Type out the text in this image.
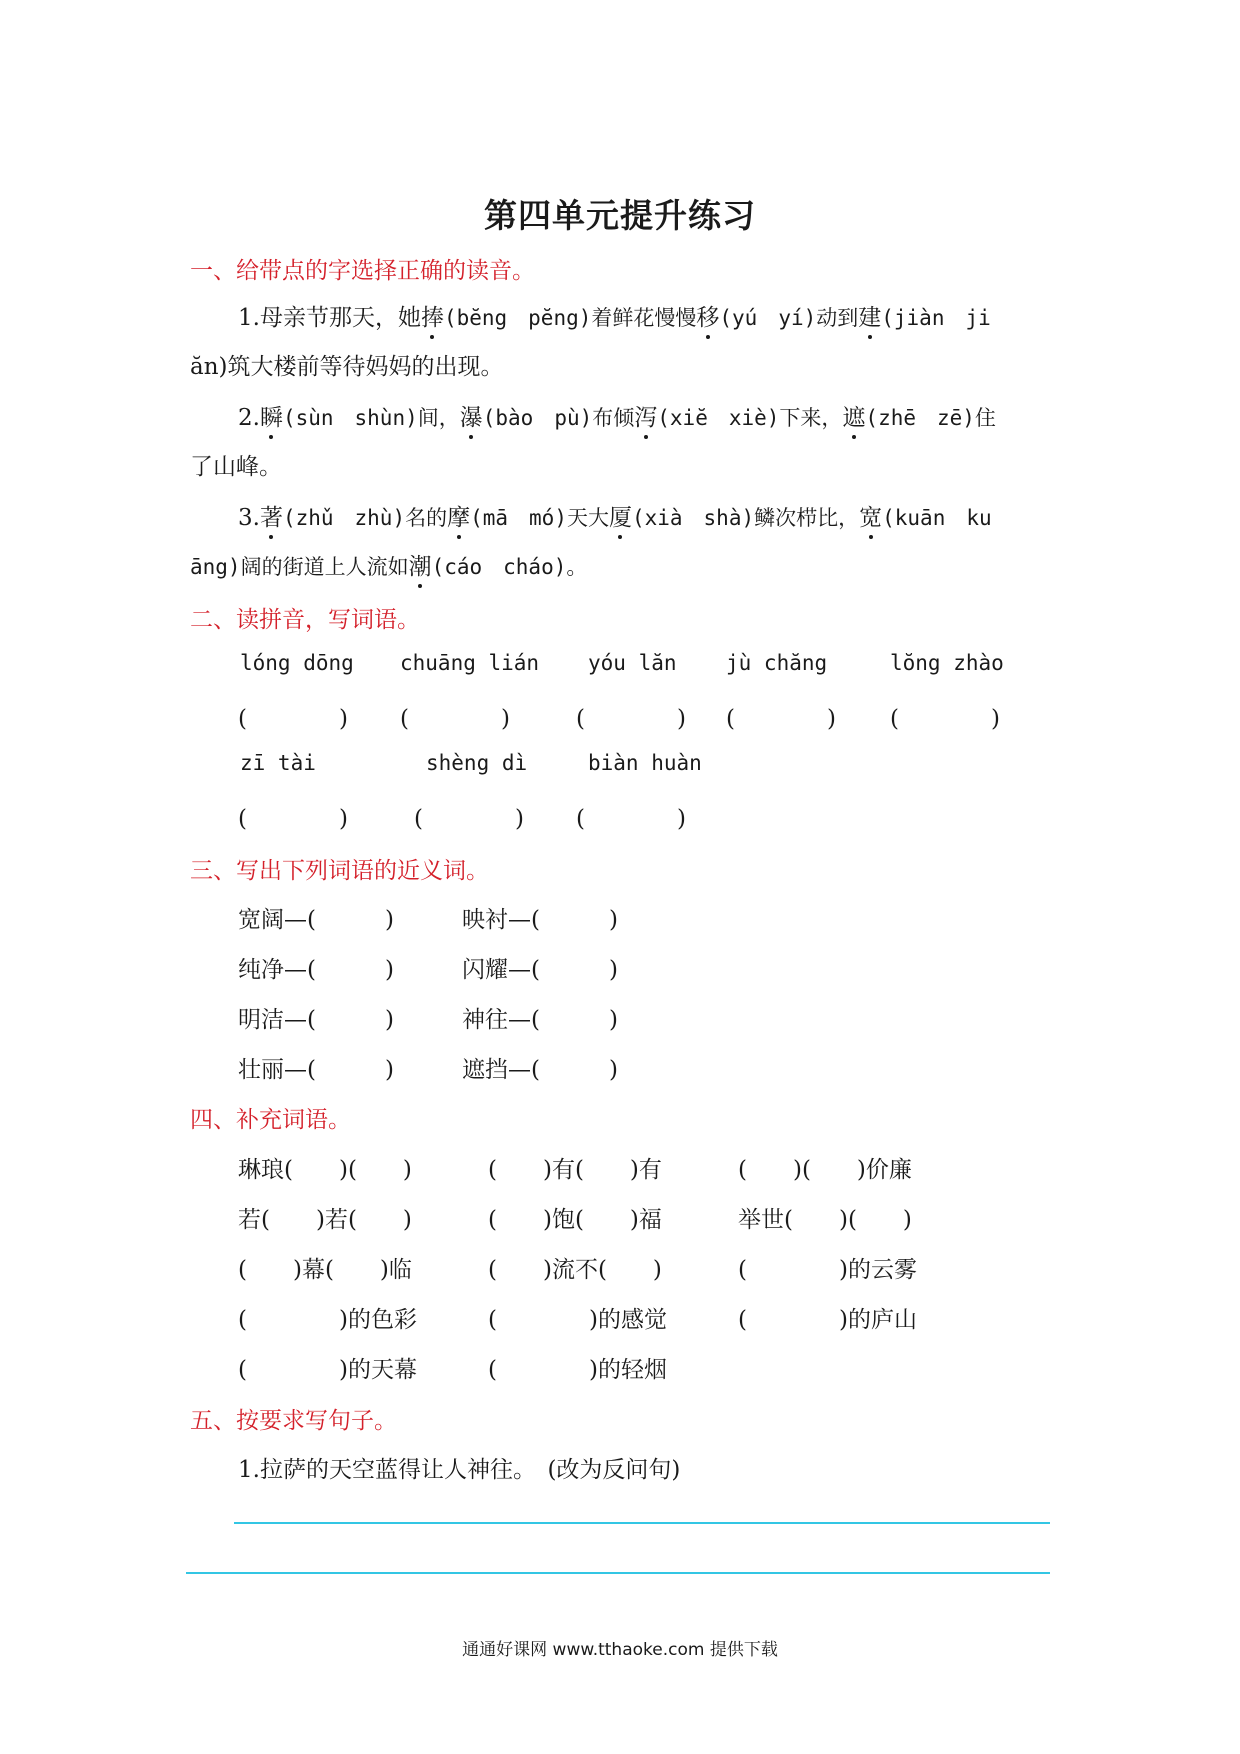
第四单元提升练习
一、给带点的字选择正确的读音。
1.母亲节那天，她捧(bĕng　pĕng)着鲜花慢慢移(yú　yí)动到建(jiàn　ji
ăn)筑大楼前等待妈妈的出现。
2.瞬(sùn　shùn)间，瀑(bào　pù)布倾泻(xiĕ　xiè)下来，遮(zhē　zē)住
了山峰。
3.著(zhǔ　zhù)名的摩(mā　mó)天大厦(xià　shà)鳞次栉比，宽(kuān　ku
āng)阔的街道上人流如潮(cáo　cháo)。
二、读拼音，写词语。
lóng dōng chuāng lián yóu lăn jù chăng	lŏng zhào
(　　　　) (　　　　)	(　　　　) (　　　　) (　　　　)
zī tài	shèng dì	biàn huàn
(　　　　)	(　　　　) (　　　　)
三、写出下列词语的近义词。
宽阔—(　　　)	映衬—(　　　)
纯净—(　　　)	闪耀—(　　　)
明洁—(　　　)	神往—(　　　)
壮丽—(　　　)	遮挡—(　　　)
四、补充词语。
琳琅(　　)(　　)	(　　)有(　　)有	(　　)(　　)价廉
若(　　)若(　　)	(　　)饱(　　)福	举世(　　)(　　)
(　　)幕(　　)临	(　　)流不(　　)	(　　　　)的云雾
(　　　　)的色彩	(　　　　)的感觉	(　　　　)的庐山
(　　　　)的天幕	(　　　　)的轻烟
五、按要求写句子。
1.拉萨的天空蓝得让人神往。　(改为反问句)
通通好课网 www.tthaoke.com 提供下载
